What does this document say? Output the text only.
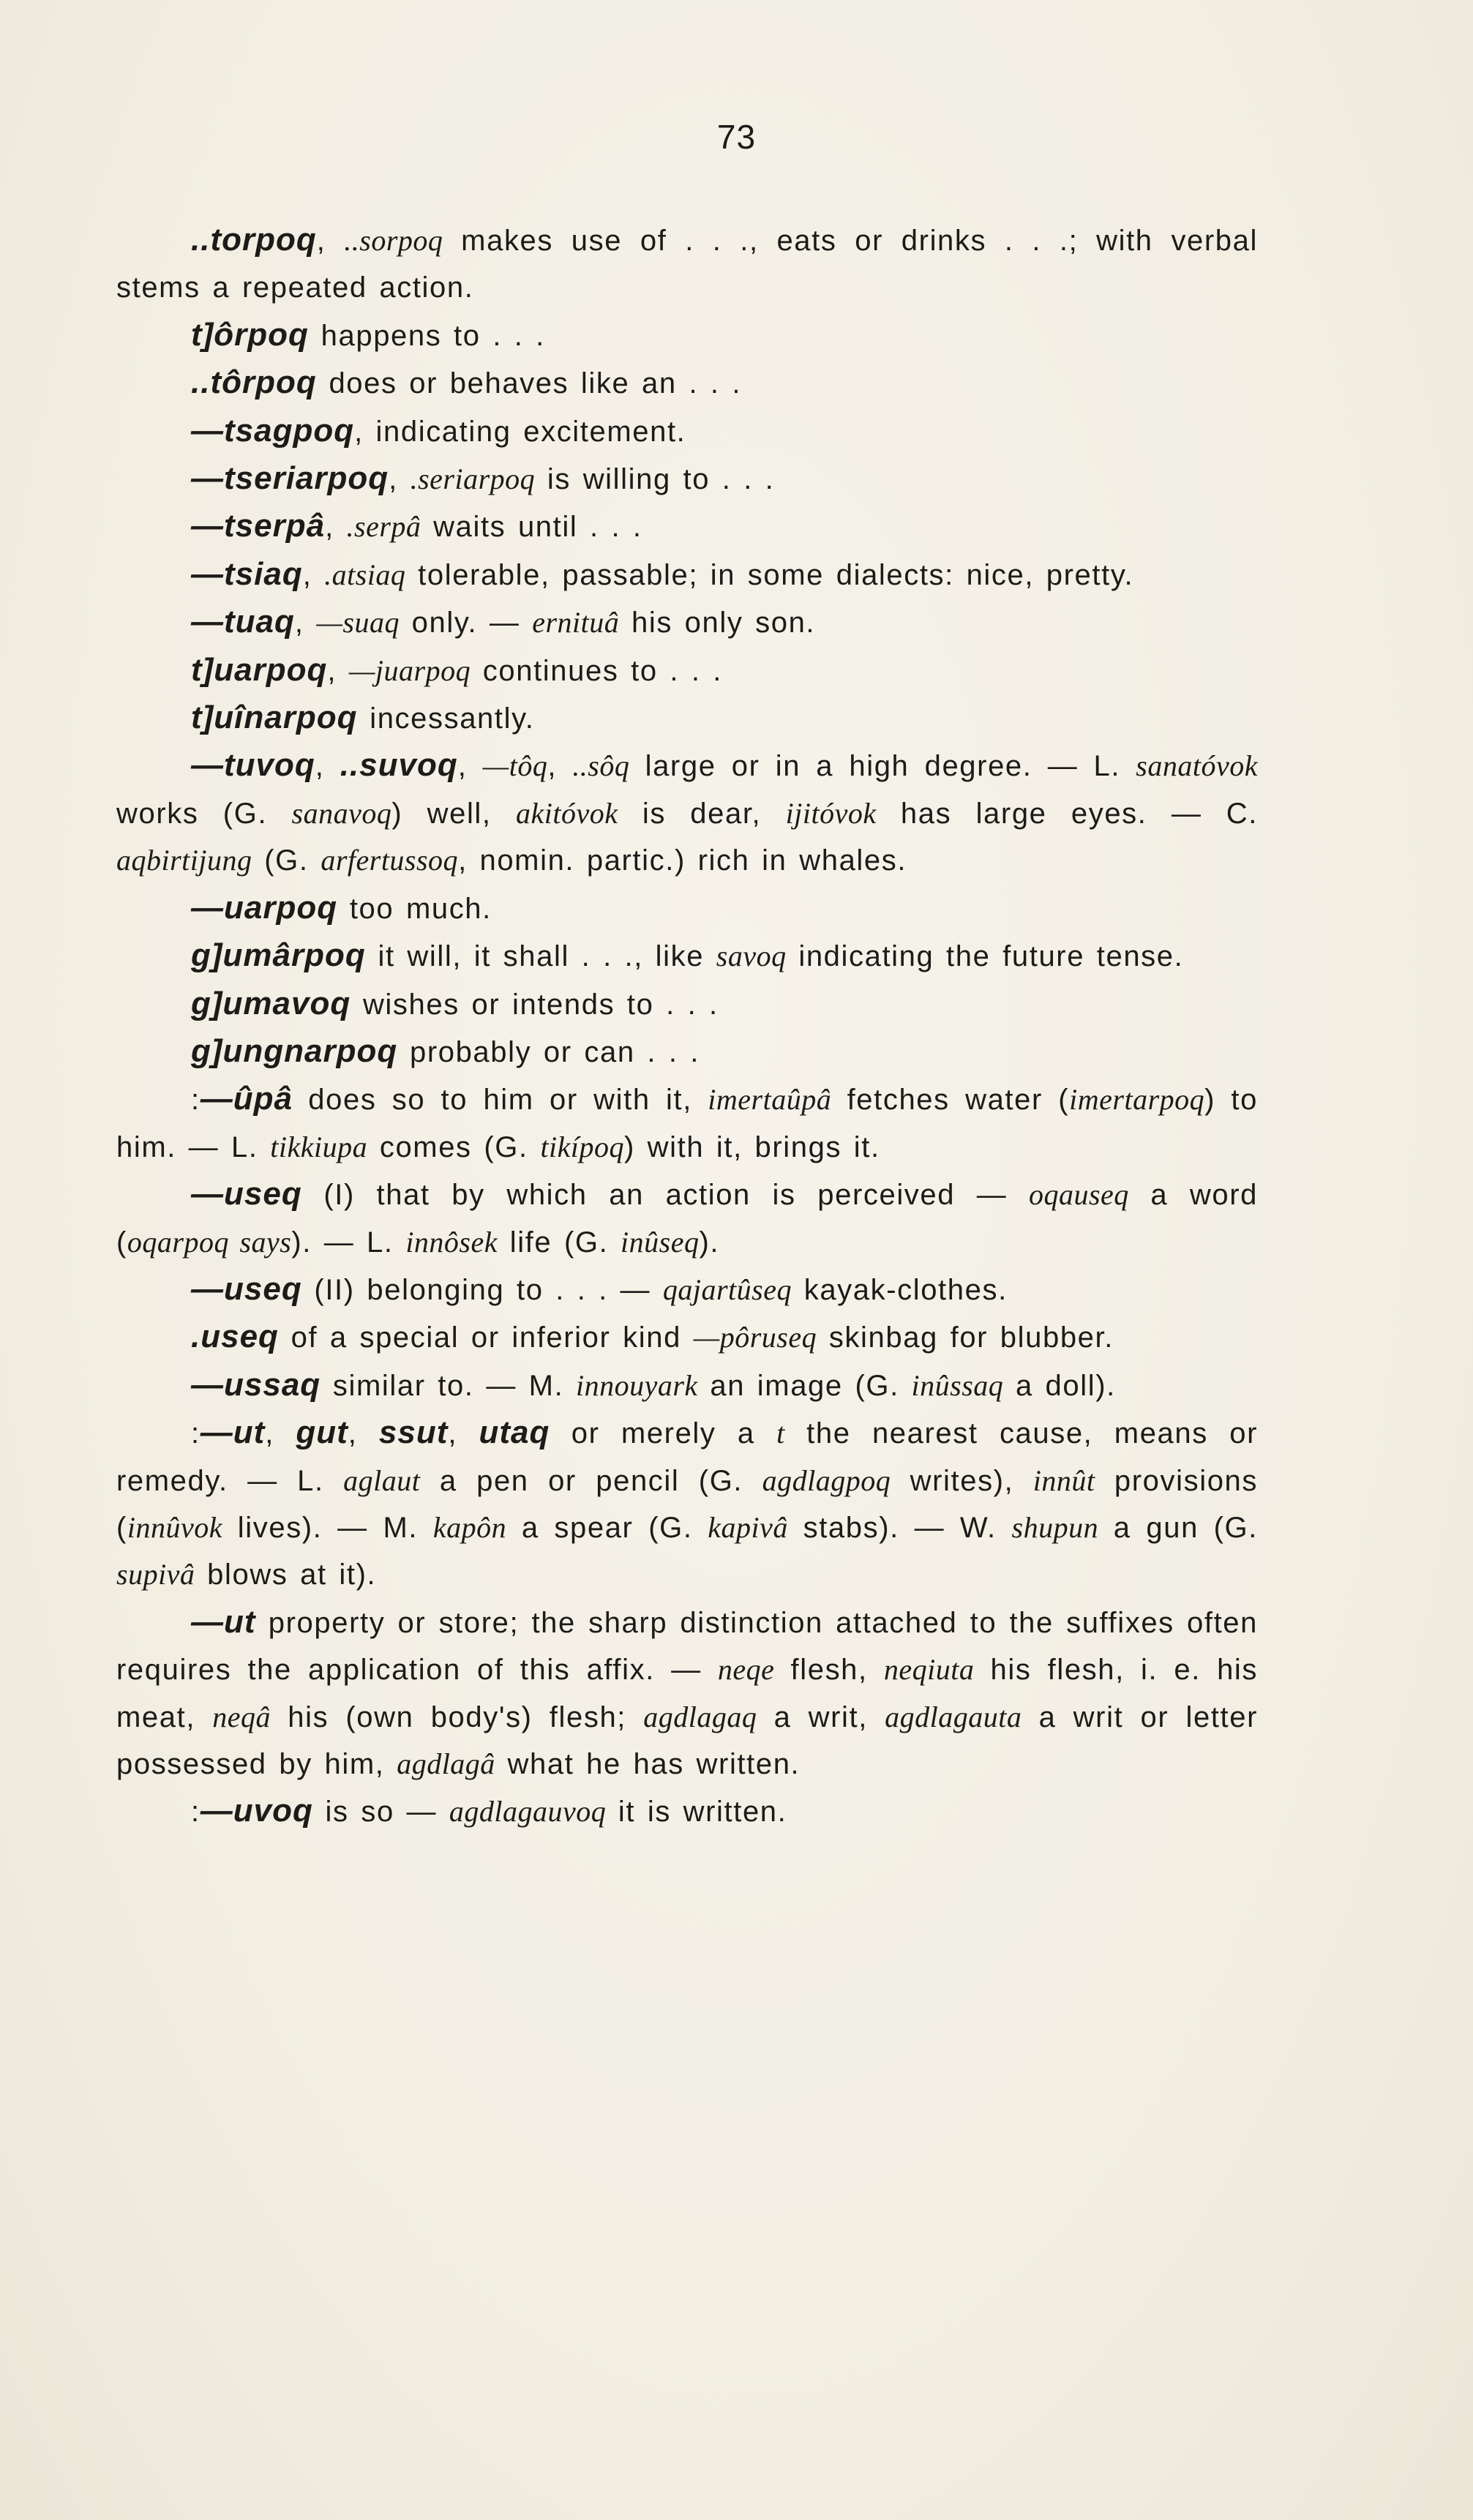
73

..torpoq, ..sorpoq makes use of . . ., eats or drinks . . .; with verbal stems a repeated action.

t]ôrpoq happens to . . .

..tôrpoq does or behaves like an . . .

—tsagpoq, indicating excitement.

—tseriarpoq, .seriarpoq is willing to . . .

—tserpâ, .serpâ waits until . . .

—tsiaq, .atsiaq tolerable, passable; in some dialects: nice, pretty.

—tuaq, —suaq only. — ernituâ his only son.

t]uarpoq, —juarpoq continues to . . .

t]uînarpoq incessantly.

—tuvoq, ..suvoq, —tôq, ..sôq large or in a high degree. — L. sanatóvok works (G. sanavoq) well, akitóvok is dear, ijitóvok has large eyes. — C. aqbirtijung (G. arfertussoq, nomin. partic.) rich in whales.

—uarpoq too much.

g]umârpoq it will, it shall . . ., like savoq indicating the future tense.

g]umavoq wishes or intends to . . .

g]ungnarpoq probably or can . . .

:—ûpâ does so to him or with it, imertaûpâ fetches water (imertarpoq) to him. — L. tikkiupa comes (G. tikípoq) with it, brings it.

—useq (I) that by which an action is perceived — oqauseq a word (oqarpoq says). — L. innôsek life (G. inûseq).

—useq (II) belonging to . . . — qajartûseq kayak-clothes.

.useq of a special or inferior kind —pôruseq skinbag for blubber.

—ussaq similar to. — M. innouyark an image (G. inûssaq a doll).

:—ut, gut, ssut, utaq or merely a t the nearest cause, means or remedy. — L. aglaut a pen or pencil (G. agdlagpoq writes), innût provisions (innûvok lives). — M. kapôn a spear (G. kapivâ stabs). — W. shupun a gun (G. supivâ blows at it).

—ut property or store; the sharp distinction attached to the suffixes often requires the application of this affix. — neqe flesh, neqiuta his flesh, i. e. his meat, neqâ his (own body's) flesh; agdlagaq a writ, agdlagauta a writ or letter possessed by him, agdlagâ what he has written.

:—uvoq is so — agdlagauvoq it is written.
